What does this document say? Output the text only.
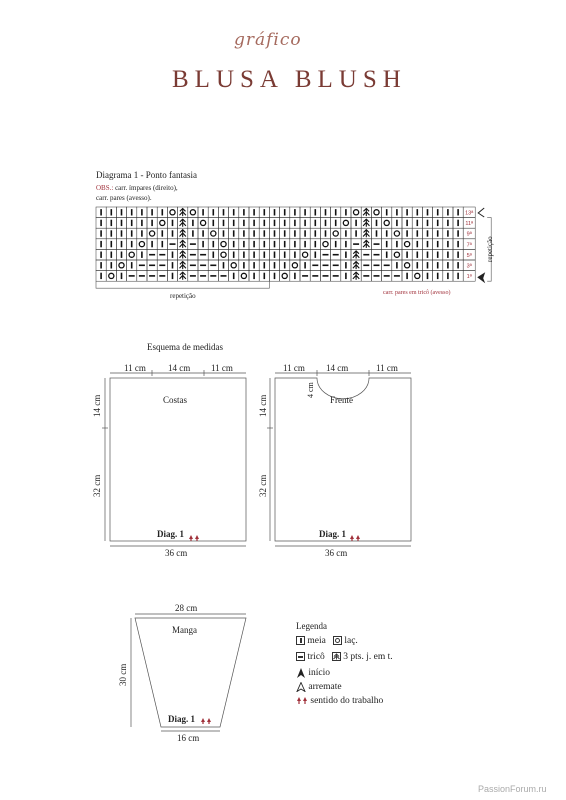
gráfico
BLUSA BLUSH
Diagrama 1 - Ponto fantasia
OBS.: carr. ímpares (direito),
carr. pares (avesso).
13ª
11ª
9ª
7ª
5ª
3ª
1ª
repetição	carr. pares em tricô (avesso)
repetição
Esquema de medidas
11 cm 14 cm 11 cm
Costas
14 cm
32 cm
Diag. 1
36 cm
11 cm 14 cm	11 cm
4 cm
Frente
14 cm
32 cm
Diag. 1
36 cm
28 cm
Manga
30 cm
Diag. 1
16 cm
Legenda
meia laç.
tricô 3 pts. j. em t.
início
arremate
sentido do trabalho
PassionForum.ru
